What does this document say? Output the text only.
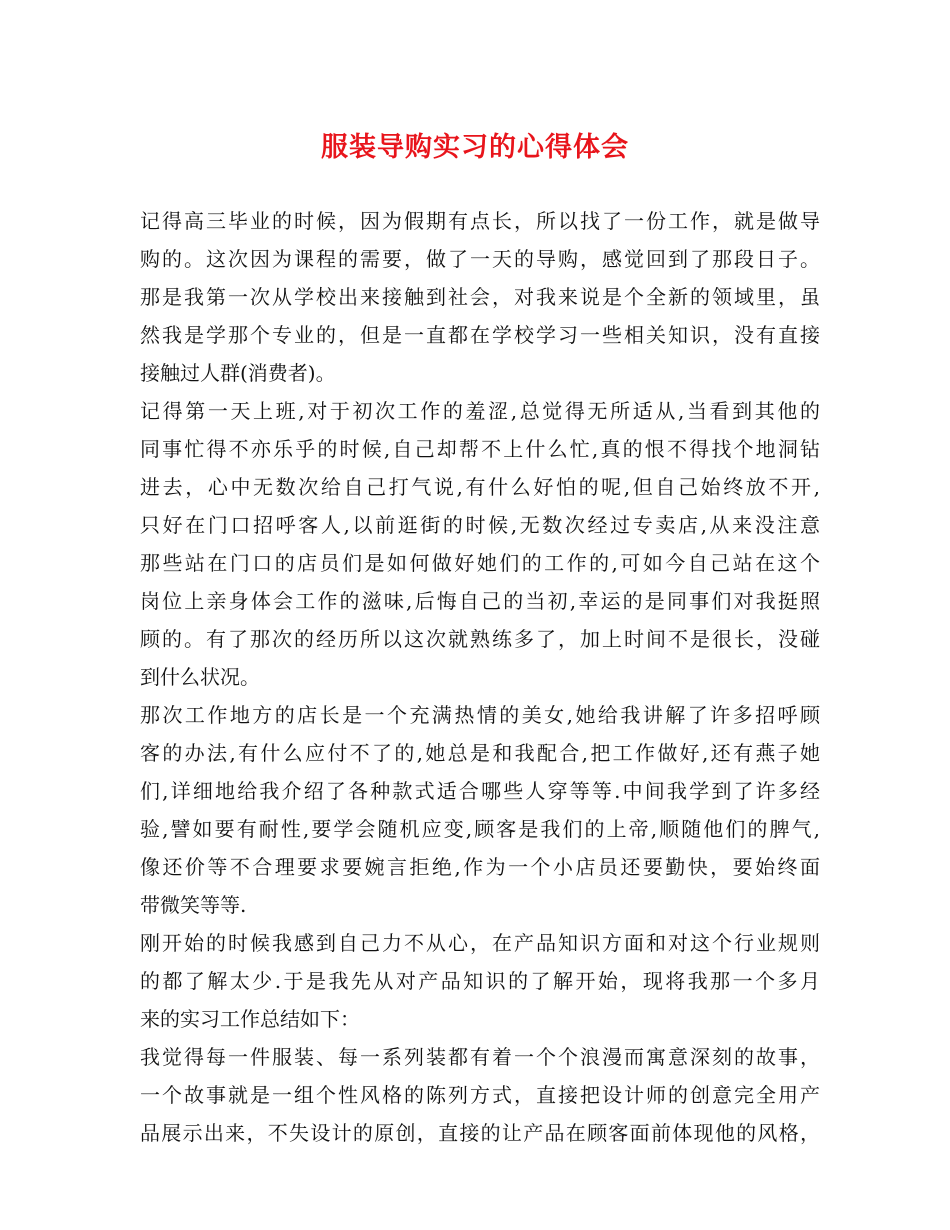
服装导购实习的心得体会
记得高三毕业的时候，因为假期有点长，所以找了一份工作，就是做导
购的。这次因为课程的需要，做了一天的导购，感觉回到了那段日子。
那是我第一次从学校出来接触到社会，对我来说是个全新的领域里，虽
然我是学那个专业的，但是一直都在学校学习一些相关知识，没有直接
接触过人群(消费者)。
记得第一天上班,对于初次工作的羞涩,总觉得无所适从,当看到其他的
同事忙得不亦乐乎的时候,自己却帮不上什么忙,真的恨不得找个地洞钻
进去，心中无数次给自己打气说,有什么好怕的呢,但自己始终放不开,
只好在门口招呼客人,以前逛街的时候,无数次经过专卖店,从来没注意
那些站在门口的店员们是如何做好她们的工作的,可如今自己站在这个
岗位上亲身体会工作的滋味,后悔自己的当初,幸运的是同事们对我挺照
顾的。有了那次的经历所以这次就熟练多了，加上时间不是很长，没碰
到什么状况。
那次工作地方的店长是一个充满热情的美女,她给我讲解了许多招呼顾
客的办法,有什么应付不了的,她总是和我配合,把工作做好,还有燕子她
们,详细地给我介绍了各种款式适合哪些人穿等等.中间我学到了许多经
验,譬如要有耐性,要学会随机应变,顾客是我们的上帝,顺随他们的脾气,
像还价等不合理要求要婉言拒绝,作为一个小店员还要勤快，要始终面
带微笑等等.
刚开始的时候我感到自己力不从心，在产品知识方面和对这个行业规则
的都了解太少.于是我先从对产品知识的了解开始，现将我那一个多月
来的实习工作总结如下：
我觉得每一件服装、每一系列装都有着一个个浪漫而寓意深刻的故事，
一个故事就是一组个性风格的陈列方式，直接把设计师的创意完全用产
品展示出来，不失设计的原创，直接的让产品在顾客面前体现他的风格，
